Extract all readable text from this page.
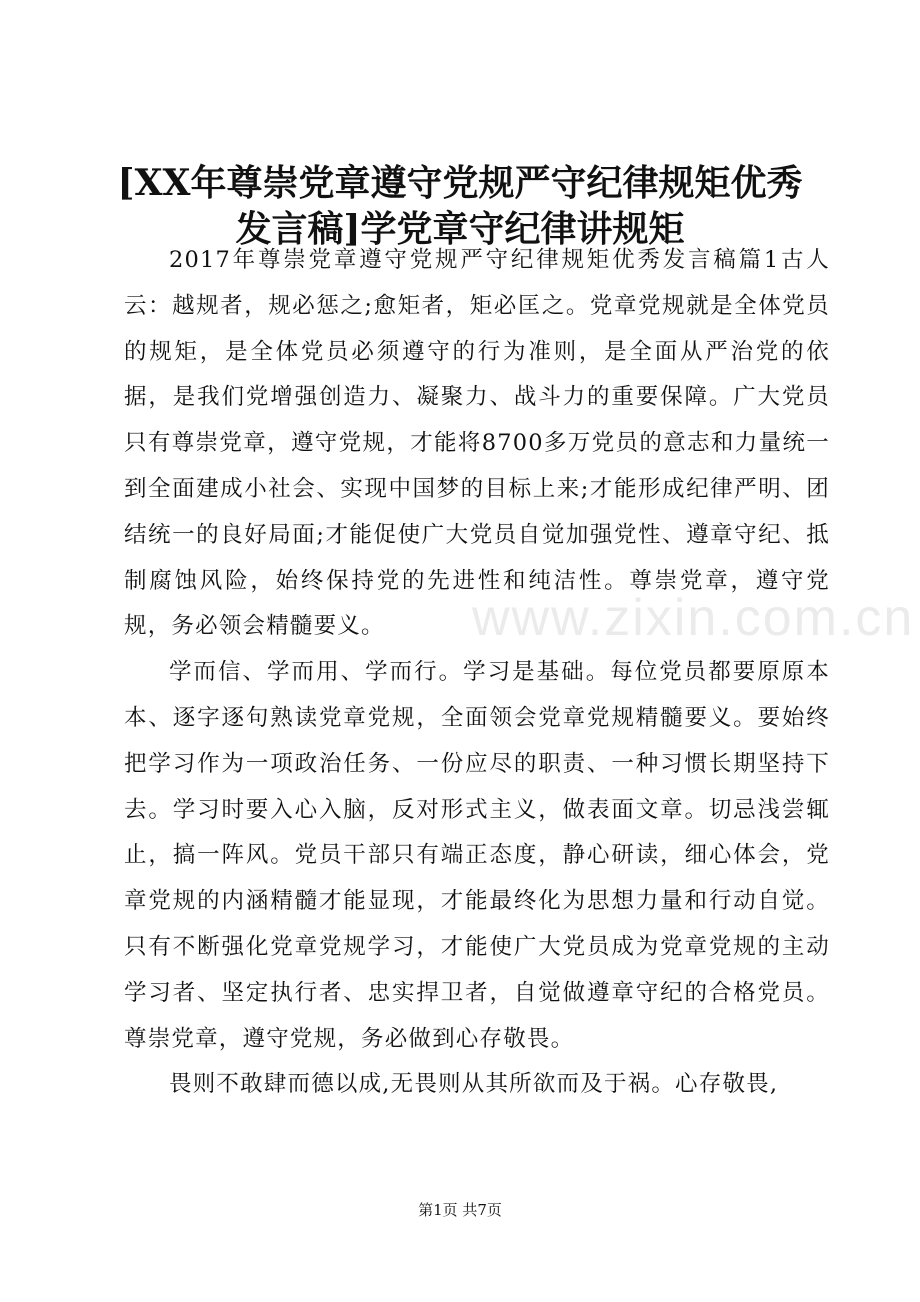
[XX年尊崇党章遵守党规严守纪律规矩优秀发言稿]学党章守纪律讲规矩

2017年尊崇党章遵守党规严守纪律规矩优秀发言稿篇1古人云：越规者，规必惩之;愈矩者，矩必匡之。党章党规就是全体党员的规矩，是全体党员必须遵守的行为准则，是全面从严治党的依据，是我们党增强创造力、凝聚力、战斗力的重要保障。广大党员只有尊崇党章，遵守党规，才能将8700多万党员的意志和力量统一到全面建成小社会、实现中国梦的目标上来;才能形成纪律严明、团结统一的良好局面;才能促使广大党员自觉加强党性、遵章守纪、抵制腐蚀风险，始终保持党的先进性和纯洁性。尊崇党章，遵守党规，务必领会精髓要义。

学而信、学而用、学而行。学习是基础。每位党员都要原原本本、逐字逐句熟读党章党规，全面领会党章党规精髓要义。要始终把学习作为一项政治任务、一份应尽的职责、一种习惯长期坚持下去。学习时要入心入脑，反对形式主义，做表面文章。切忌浅尝辄止，搞一阵风。党员干部只有端正态度，静心研读，细心体会，党章党规的内涵精髓才能显现，才能最终化为思想力量和行动自觉。只有不断强化党章党规学习，才能使广大党员成为党章党规的主动学习者、坚定执行者、忠实捍卫者，自觉做遵章守纪的合格党员。尊崇党章，遵守党规，务必做到心存敬畏。

畏则不敢肆而德以成,无畏则从其所欲而及于祸。心存敬畏,

www.zixin.com.cn
第1页 共7页
